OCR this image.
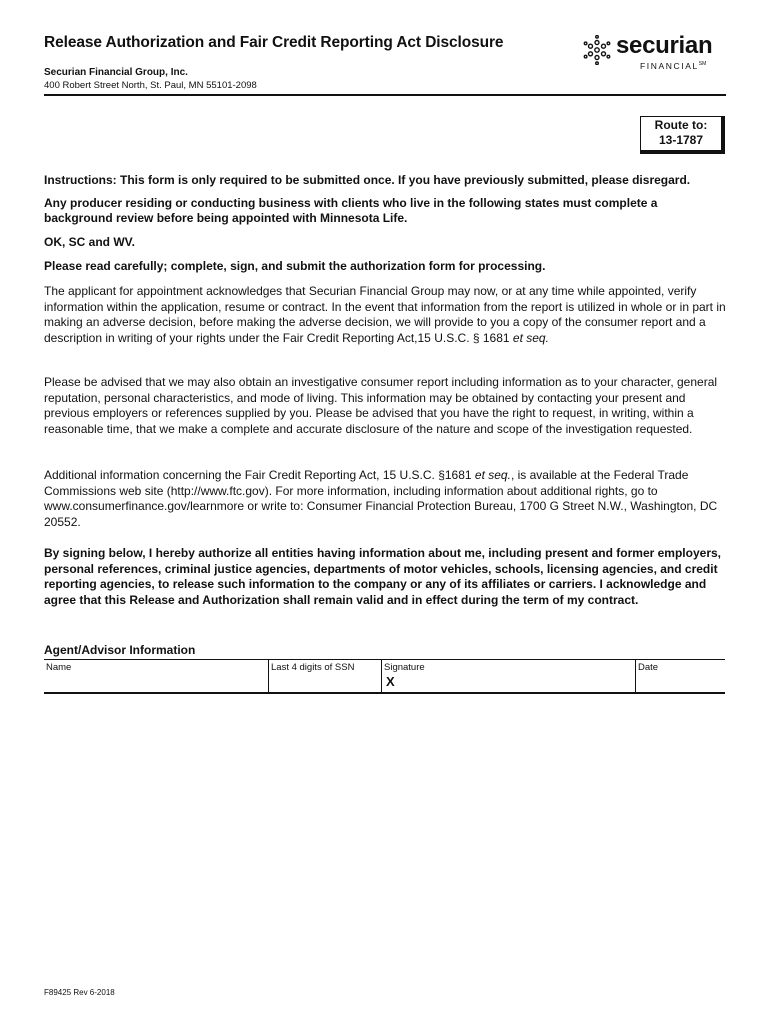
Release Authorization and Fair Credit Reporting Act Disclosure
Securian Financial Group, Inc.
400 Robert Street North, St. Paul, MN 55101-2098
securian
FINANCIAL℠
Route to:
13-1787
Instructions: This form is only required to be submitted once. If you have previously submitted, please disregard.
Any producer residing or conducting business with clients who live in the following states must complete a background review before being appointed with Minnesota Life.
OK, SC and WV.
Please read carefully; complete, sign, and submit the authorization form for processing.
The applicant for appointment acknowledges that Securian Financial Group may now, or at any time while appointed, verify information within the application, resume or contract. In the event that information from the report is utilized in whole or in part in making an adverse decision, before making the adverse decision, we will provide to you a copy of the consumer report and a description in writing of your rights under the Fair Credit Reporting Act,15 U.S.C. § 1681 et seq.
Please be advised that we may also obtain an investigative consumer report including information as to your character, general reputation, personal characteristics, and mode of living. This information may be obtained by contacting your present and previous employers or references supplied by you. Please be advised that you have the right to request, in writing, within a reasonable time, that we make a complete and accurate disclosure of the nature and scope of the investigation requested.
Additional information concerning the Fair Credit Reporting Act, 15 U.S.C. §1681 et seq., is available at the Federal Trade Commissions web site (http://www.ftc.gov). For more information, including information about additional rights, go to www.consumerfinance.gov/learnmore or write to: Consumer Financial Protection Bureau, 1700 G Street N.W., Washington, DC 20552.
By signing below, I hereby authorize all entities having information about me, including present and former employers, personal references, criminal justice agencies, departments of motor vehicles, schools, licensing agencies, and credit reporting agencies, to release such information to the company or any of its affiliates or carriers. I acknowledge and agree that this Release and Authorization shall remain valid and in effect during the term of my contract.
Agent/Advisor Information
Name	Last 4 digits of SSN	Signature
X
Date
F89425 Rev 6-2018
